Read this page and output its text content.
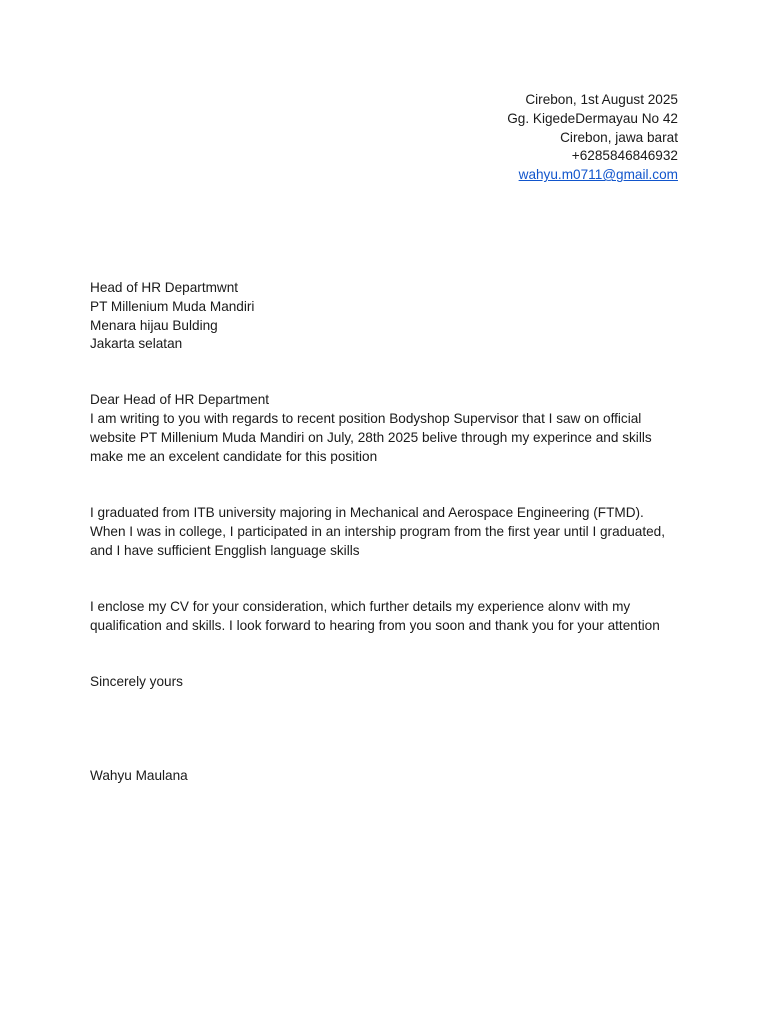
Cirebon, 1st August 2025
Gg. KigedeDermayau No 42
Cirebon, jawa barat
+6285846846932
wahyu.m0711@gmail.com
Head of HR Departmwnt
PT Millenium Muda Mandiri
Menara hijau Bulding
Jakarta selatan
Dear Head of HR Department
I am writing to you with regards to recent position Bodyshop Supervisor that I saw on official
website PT Millenium Muda Mandiri on July, 28th 2025 belive through my experince and skills
make me an excelent candidate for this position
I graduated from ITB university majoring in Mechanical and Aerospace Engineering (FTMD).
When I was in college, I participated in an intership program from the first year until I graduated,
and I have sufficient Engglish language skills
I enclose my CV for your consideration, which further details my experience alonv with my
qualification and skills. I look forward to hearing from you soon and thank you for your attention
Sincerely yours
Wahyu Maulana
